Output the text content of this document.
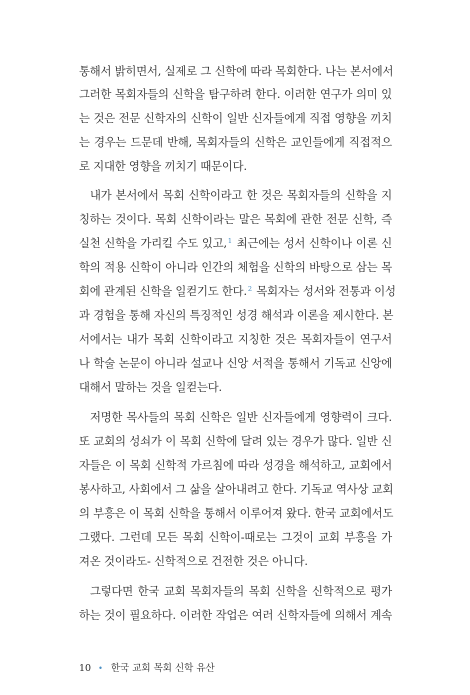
통해서 밝히면서, 실제로 그 신학에 따라 목회한다. 나는 본서에서
그러한 목회자들의 신학을 탐구하려 한다. 이러한 연구가 의미 있
는 것은 전문 신학자의 신학이 일반 신자들에게 직접 영향을 끼치
는 경우는 드문데 반해, 목회자들의 신학은 교인들에게 직접적으
로 지대한 영향을 끼치기 때문이다.
내가 본서에서 목회 신학이라고 한 것은 목회자들의 신학을 지
칭하는 것이다. 목회 신학이라는 말은 목회에 관한 전문 신학, 즉
실천 신학을 가리킬 수도 있고,$^1$ 최근에는 성서 신학이나 이론 신
학의 적용 신학이 아니라 인간의 체험을 신학의 바탕으로 삼는 목
회에 관계된 신학을 일컫기도 한다.$^2$ 목회자는 성서와 전통과 이성
과 경험을 통해 자신의 특징적인 성경 해석과 이론을 제시한다. 본
서에서는 내가 목회 신학이라고 지칭한 것은 목회자들이 연구서
나 학술 논문이 아니라 설교나 신앙 서적을 통해서 기독교 신앙에
대해서 말하는 것을 일컫는다.
저명한 목사들의 목회 신학은 일반 신자들에게 영향력이 크다.
또 교회의 성쇠가 이 목회 신학에 달려 있는 경우가 많다. 일반 신
자들은 이 목회 신학적 가르침에 따라 성경을 해석하고, 교회에서
봉사하고, 사회에서 그 삶을 살아내려고 한다. 기독교 역사상 교회
의 부흥은 이 목회 신학을 통해서 이루어져 왔다. 한국 교회에서도
그랬다. 그런데 모든 목회 신학이-때로는 그것이 교회 부흥을 가
져온 것이라도- 신학적으로 건전한 것은 아니다.
그렇다면 한국 교회 목회자들의 목회 신학을 신학적으로 평가
하는 것이 필요하다. 이러한 작업은 여러 신학자들에 의해서 계속
10 • 한국 교회 목회 신학 유산
